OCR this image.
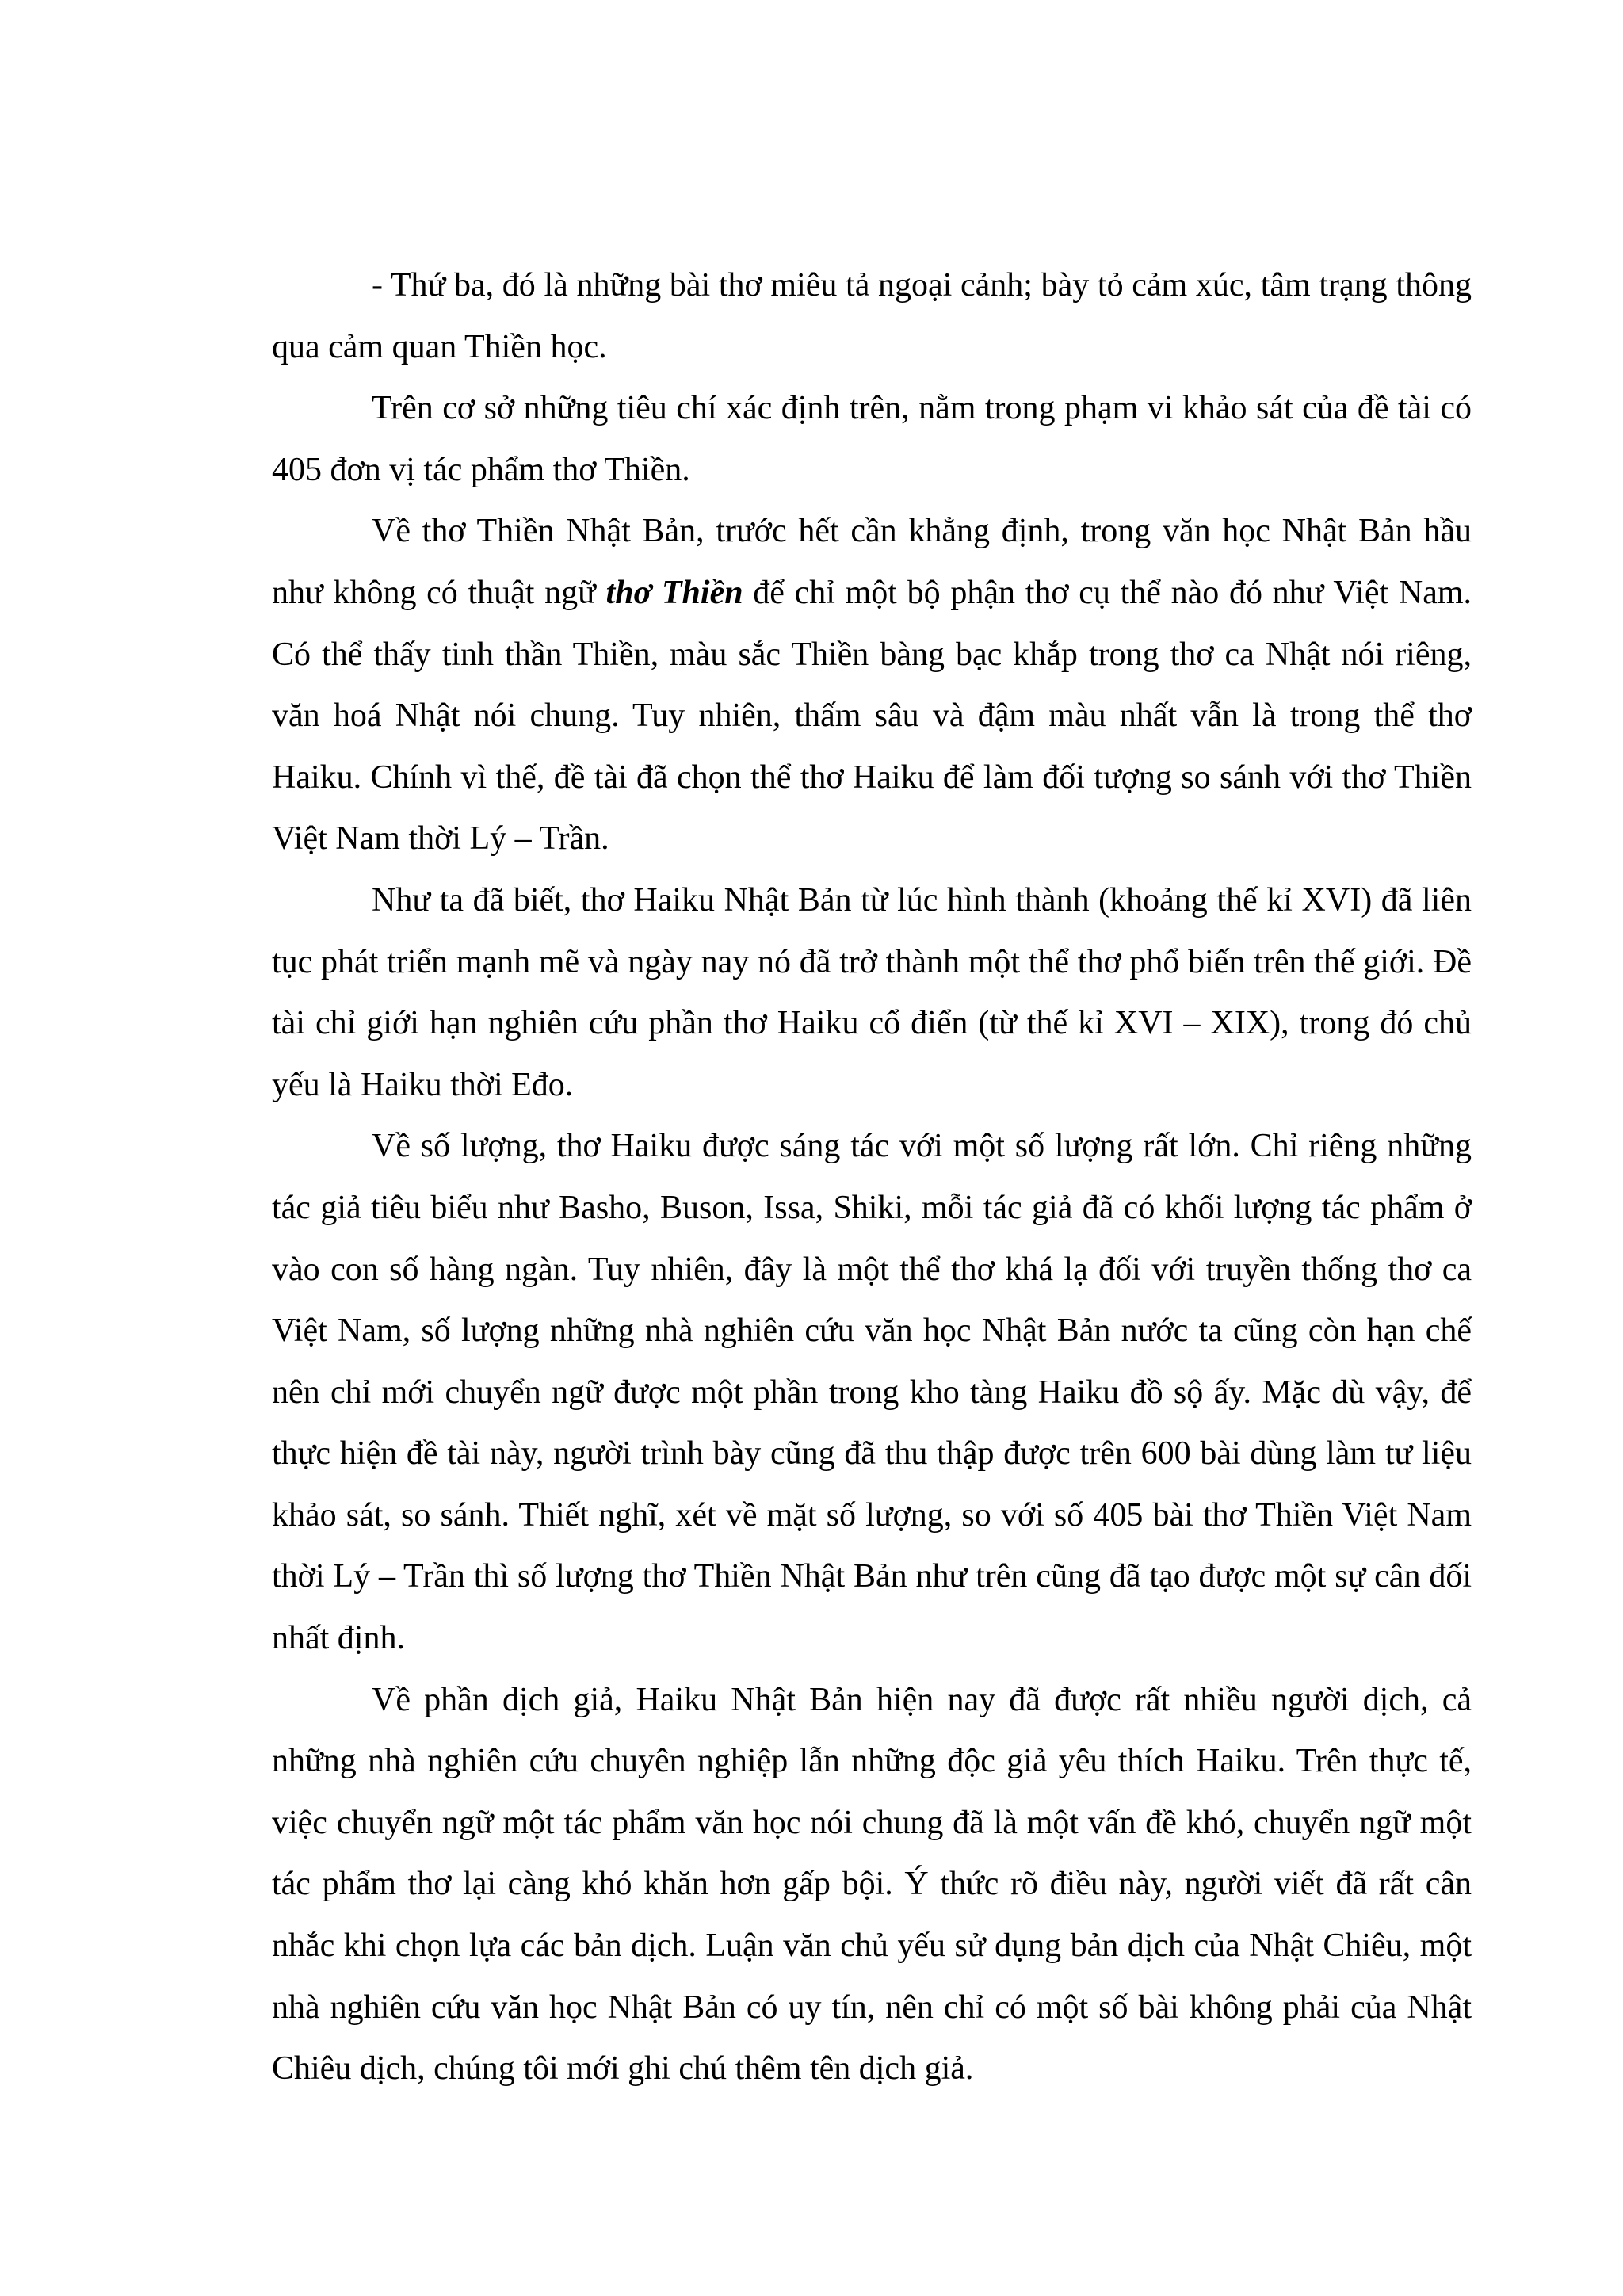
- Thứ ba, đó là những bài thơ miêu tả ngoại cảnh; bày tỏ cảm xúc, tâm trạng thông qua cảm quan Thiền học.

Trên cơ sở những tiêu chí xác định trên, nằm trong phạm vi khảo sát của đề tài có 405 đơn vị tác phẩm thơ Thiền.

Về thơ Thiền Nhật Bản, trước hết cần khẳng định, trong văn học Nhật Bản hầu như không có thuật ngữ thơ Thiền để chỉ một bộ phận thơ cụ thể nào đó như Việt Nam. Có thể thấy tinh thần Thiền, màu sắc Thiền bàng bạc khắp trong thơ ca Nhật nói riêng, văn hoá Nhật nói chung. Tuy nhiên, thấm sâu và đậm màu nhất vẫn là trong thể thơ Haiku. Chính vì thế, đề tài đã chọn thể thơ Haiku để làm đối tượng so sánh với thơ Thiền Việt Nam thời Lý – Trần.

Như ta đã biết, thơ Haiku Nhật Bản từ lúc hình thành (khoảng thế kỉ XVI) đã liên tục phát triển mạnh mẽ và ngày nay nó đã trở thành một thể thơ phổ biến trên thế giới. Đề tài chỉ giới hạn nghiên cứu phần thơ Haiku cổ điển (từ thế kỉ XVI – XIX), trong đó chủ yếu là Haiku thời Eđo.

Về số lượng, thơ Haiku được sáng tác với một số lượng rất lớn. Chỉ riêng những tác giả tiêu biểu như Basho, Buson, Issa, Shiki, mỗi tác giả đã có khối lượng tác phẩm ở vào con số hàng ngàn. Tuy nhiên, đây là một thể thơ khá lạ đối với truyền thống thơ ca Việt Nam, số lượng những nhà nghiên cứu văn học Nhật Bản nước ta cũng còn hạn chế nên chỉ mới chuyển ngữ được một phần trong kho tàng Haiku đồ sộ ấy. Mặc dù vậy, để thực hiện đề tài này, người trình bày cũng đã thu thập được trên 600 bài dùng làm tư liệu khảo sát, so sánh. Thiết nghĩ, xét về mặt số lượng, so với số 405 bài thơ Thiền Việt Nam thời Lý – Trần thì số lượng thơ Thiền Nhật Bản như trên cũng đã tạo được một sự cân đối nhất định.

Về phần dịch giả, Haiku Nhật Bản hiện nay đã được rất nhiều người dịch, cả những nhà nghiên cứu chuyên nghiệp lẫn những độc giả yêu thích Haiku. Trên thực tế, việc chuyển ngữ một tác phẩm văn học nói chung đã là một vấn đề khó, chuyển ngữ một tác phẩm thơ lại càng khó khăn hơn gấp bội. Ý thức rõ điều này, người viết đã rất cân nhắc khi chọn lựa các bản dịch. Luận văn chủ yếu sử dụng bản dịch của Nhật Chiêu, một nhà nghiên cứu văn học Nhật Bản có uy tín, nên chỉ có một số bài không phải của Nhật Chiêu dịch, chúng tôi mới ghi chú thêm tên dịch giả.
